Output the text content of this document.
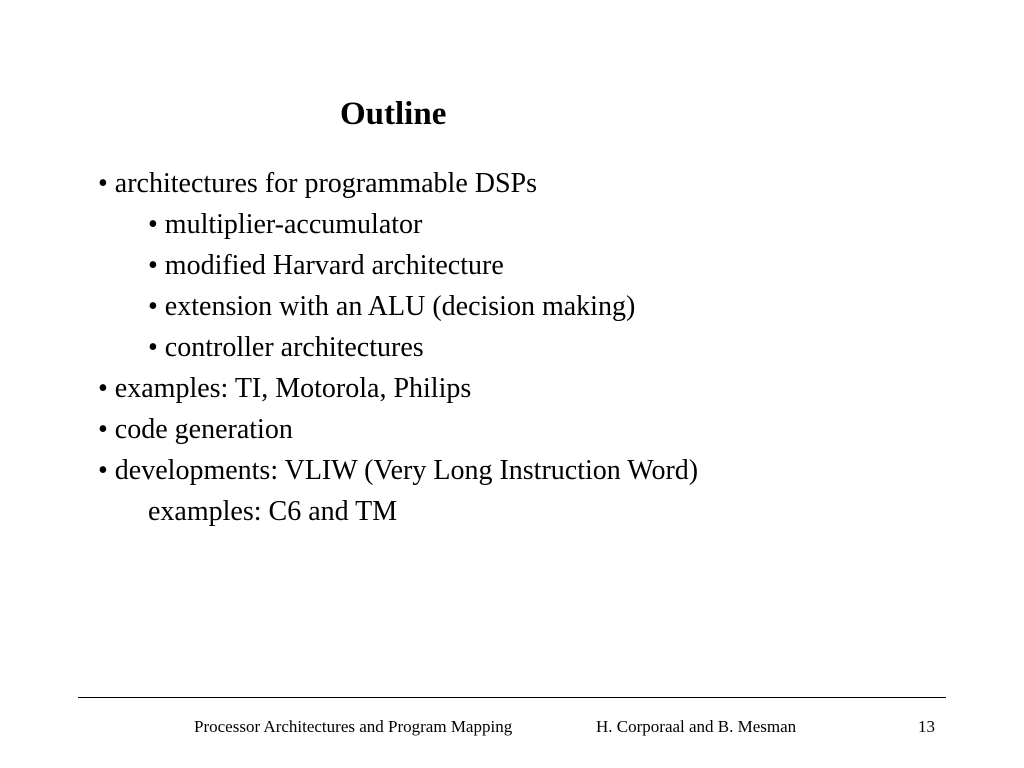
Outline
• architectures for programmable DSPs
• multiplier-accumulator
• modified Harvard architecture
• extension with an ALU (decision making)
• controller architectures
• examples: TI, Motorola, Philips
• code generation
• developments: VLIW (Very Long Instruction Word)
examples: C6 and TM
Processor Architectures and Program Mapping	H. Corporaal and B. Mesman	13
